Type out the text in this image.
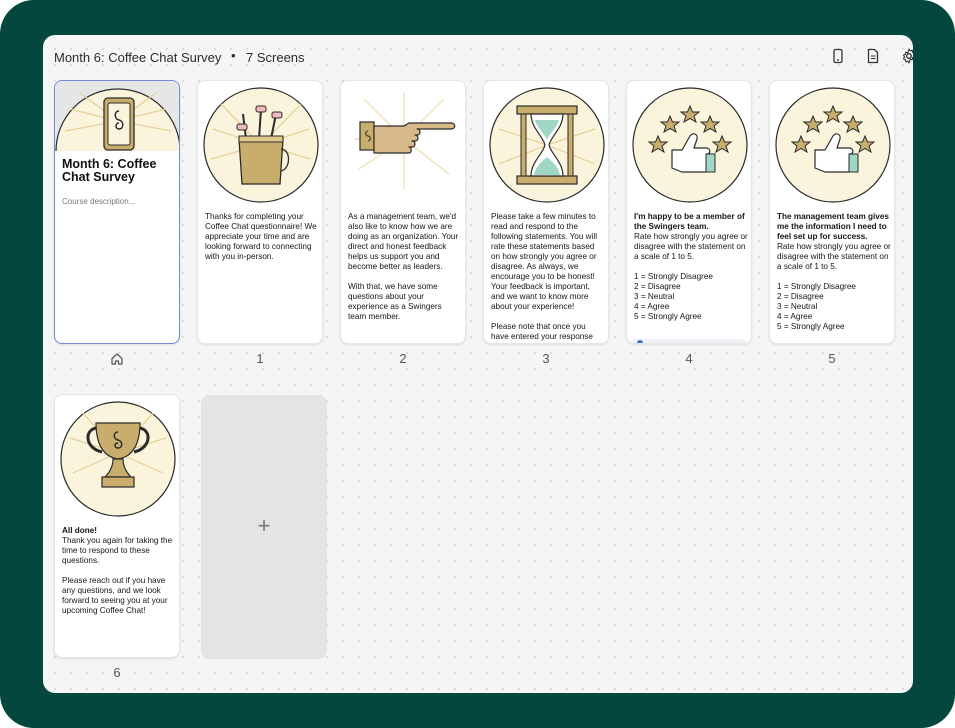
Month 6: Coffee Chat Survey • 7 Screens
Month 6: Coffee Chat Survey
Course description...
Thanks for completing your Coffee Chat questionnaire! We appreciate your time and are looking forward to connecting with you in-person.
1
As a management team, we'd also like to know how we are doing as an organization. Your direct and honest feedback helps us support you and become better as leaders.

With that, we have some questions about your experience as a Swingers team member.
2
Please take a few minutes to read and respond to the following statements. You will rate these statements based on how strongly you agree or disagree. As always, we encourage you to be honest! Your feedback is important, and we want to know more about your experience!

Please note that once you have entered your response
3
I'm happy to be a member of the Swingers team.
Rate how strongly you agree or disagree with the statement on a scale of 1 to 5.

1 = Strongly Disagree
2 = Disagree
3 = Neutral
4 = Agree
5 = Strongly Agree
4
The management team gives me the information I need to feel set up for success.
Rate how strongly you agree or disagree with the statement on a scale of 1 to 5.

1 = Strongly Disagree
2 = Disagree
3 = Neutral
4 = Agree
5 = Strongly Agree
5
All done!
Thank you again for taking the time to respond to these questions.

Please reach out if you have any questions, and we look forward to seeing you at your upcoming Coffee Chat!
6
+
